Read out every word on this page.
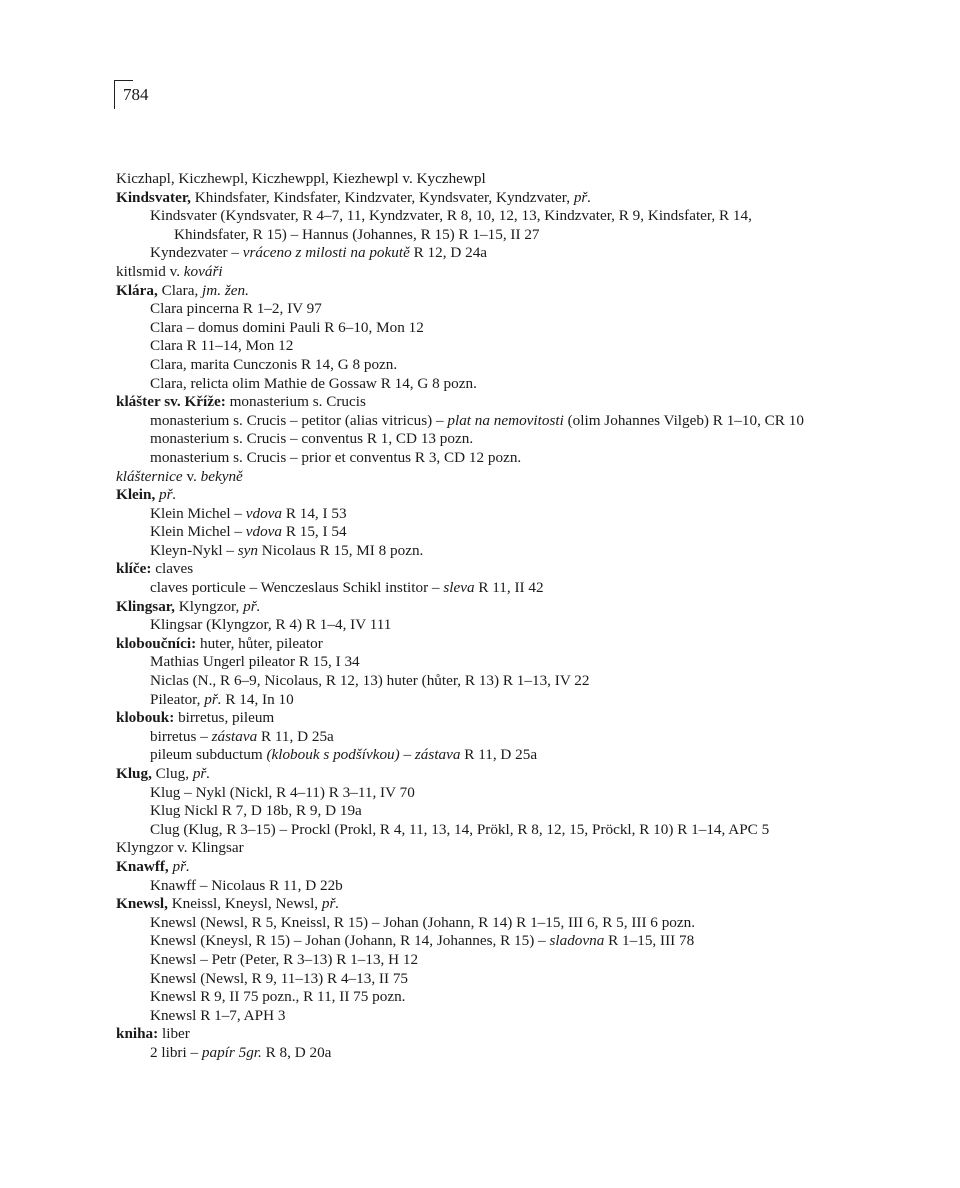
784
Kiczhapl, Kiczhewpl, Kiczhewppl, Kiezhewpl v. Kyczhewpl
Kindsvater, Khindsfater, Kindsfater, Kindzvater, Kyndsvater, Kyndzvater, př.
Kindsvater (Kyndsvater, R 4–7, 11, Kyndzvater, R 8, 10, 12, 13, Kindzvater, R 9, Kindsfater, R 14,
Khindsfater, R 15) – Hannus (Johannes, R 15) R 1–15, II 27
Kyndezvater – vráceno z milosti na pokutě R 12, D 24a
kitlsmid v. kováři
Klára, Clara, jm. žen.
Clara pincerna R 1–2, IV 97
Clara – domus domini Pauli R 6–10, Mon 12
Clara R 11–14, Mon 12
Clara, marita Cunczonis R 14, G 8 pozn.
Clara, relicta olim Mathie de Gossaw R 14, G 8 pozn.
klášter sv. Kříže: monasterium s. Crucis
monasterium s. Crucis – petitor (alias vitricus) – plat na nemovitosti (olim Johannes Vilgeb) R 1–10, CR 10
monasterium s. Crucis – conventus R 1, CD 13 pozn.
monasterium s. Crucis – prior et conventus R 3, CD 12 pozn.
klášternice v. bekyně
Klein, př.
Klein Michel – vdova R 14, I 53
Klein Michel – vdova R 15, I 54
Kleyn-Nykl – syn Nicolaus R 15, MI 8 pozn.
klíče: claves
claves porticule – Wenczeslaus Schikl institor – sleva R 11, II 42
Klingsar, Klyngzor, př.
Klingsar (Klyngzor, R 4) R 1–4, IV 111
kloboučníci: huter, hůter, pileator
Mathias Ungerl pileator R 15, I 34
Niclas (N., R 6–9, Nicolaus, R 12, 13) huter (hůter, R 13) R 1–13, IV 22
Pileator, př. R 14, In 10
klobouk: birretus, pileum
birretus – zástava R 11, D 25a
pileum subductum (klobouk s podšívkou) – zástava R 11, D 25a
Klug, Clug, př.
Klug – Nykl (Nickl, R 4–11) R 3–11, IV 70
Klug Nickl R 7, D 18b, R 9, D 19a
Clug (Klug, R 3–15) – Prockl (Prokl, R 4, 11, 13, 14, Prökl, R 8, 12, 15, Pröckl, R 10) R 1–14, APC 5
Klyngzor v. Klingsar
Knawff, př.
Knawff – Nicolaus R 11, D 22b
Knewsl, Kneissl, Kneysl, Newsl, př.
Knewsl (Newsl, R 5, Kneissl, R 15) – Johan (Johann, R 14) R 1–15, III 6, R 5, III 6 pozn.
Knewsl (Kneysl, R 15) – Johan (Johann, R 14, Johannes, R 15) – sladovna R 1–15, III 78
Knewsl – Petr (Peter, R 3–13) R 1–13, H 12
Knewsl (Newsl, R 9, 11–13) R 4–13, II 75
Knewsl R 9, II 75 pozn., R 11, II 75 pozn.
Knewsl R 1–7, APH 3
kniha: liber
2 libri – papír 5gr. R 8, D 20a
